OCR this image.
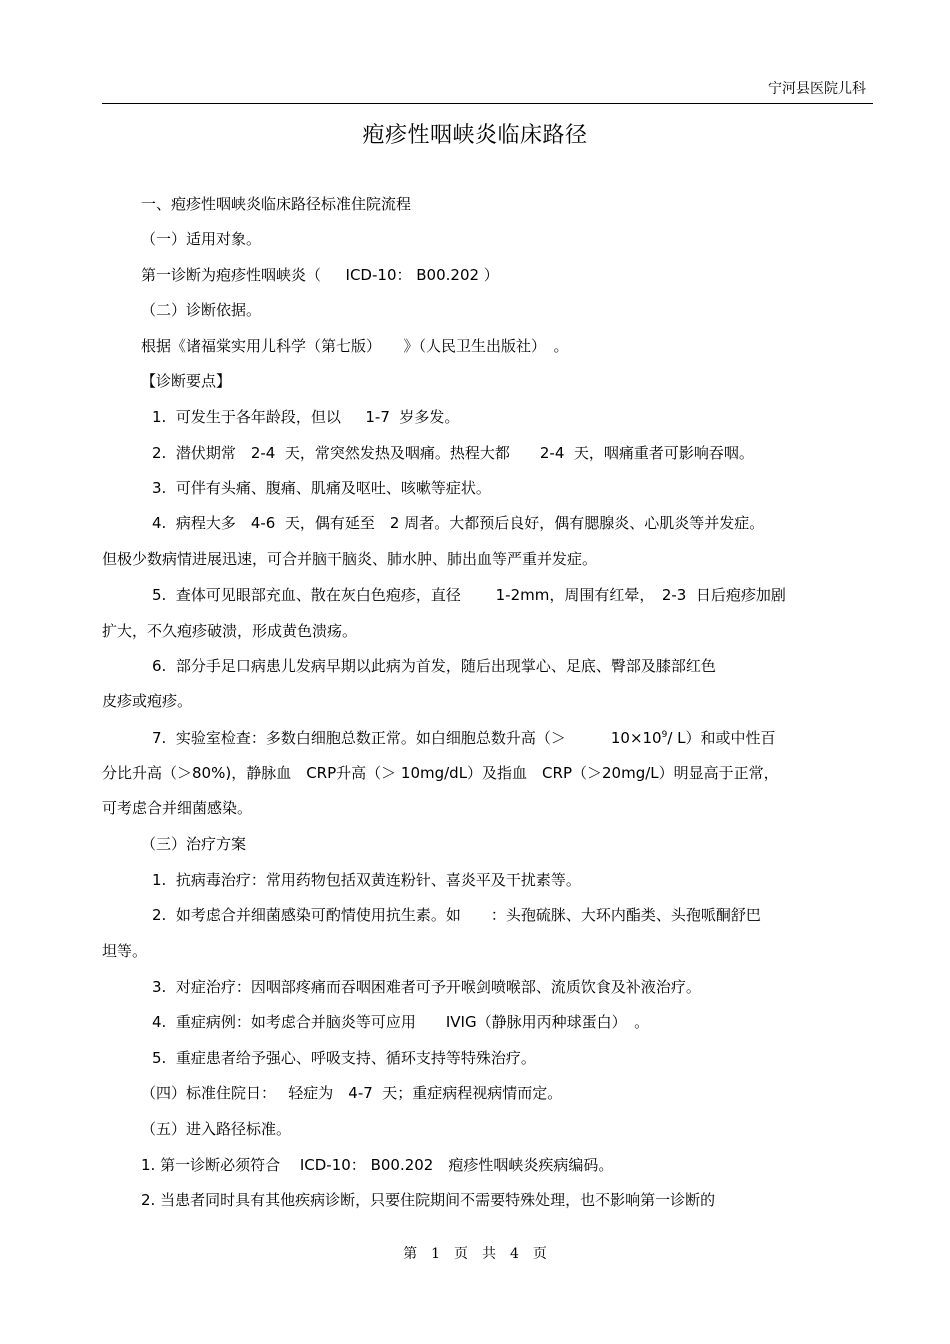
宁河县医院儿科
疱疹性咽峡炎临床路径
一、疱疹性咽峡炎临床路径标准住院流程
（一）适用对象。
第一诊断为疱疹性咽峡炎（　  ICD-10： B00.202 ）
（二）诊断依据。
根据《诸福棠实用儿科学（第七版）　　》（人民卫生出版社）　。
【诊断要点】
1.  可发生于各年龄段，但以　  1-7  岁多发。
2.  潜伏期常　2-4  天，常突然发热及咽痛。热程大都　　2-4  天，咽痛重者可影响吞咽。
3.  可伴有头痛、腹痛、肌痛及呕吐、咳嗽等症状。
4.  病程大多　4-6  天，偶有延至　2 周者。大都预后良好，偶有腮腺炎、心肌炎等并发症。
但极少数病情进展迅速，可合并脑干脑炎、肺水肿、肺出血等严重并发症。
5.  查体可见眼部充血、散在灰白色疱疹，直径　　 1-2mm，周围有红晕，　2-3  日后疱疹加剧
扩大，不久疱疹破溃，形成黄色溃疡。
6.  部分手足口病患儿发病早期以此病为首发，随后出现掌心、足底、臀部及膝部红色
皮疹或疱疹。
7.  实验室检查：多数白细胞总数正常。如白细胞总数升高（＞　　　$10\times 10^9/$ L）和或中性百
分比升高（＞80%)，静脉血　CRP升高（＞ 10mg/dL）及指血　CRP（＞20mg/L）明显高于正常，
可考虑合并细菌感染。
（三）治疗方案
1.  抗病毒治疗：常用药物包括双黄连粉针、喜炎平及干扰素等。
2.  如考虑合并细菌感染可酌情使用抗生素。如　　：头孢硫脒、大环内酯类、头孢哌酮舒巴
坦等。
3.  对症治疗：因咽部疼痛而吞咽困难者可予开喉剑喷喉部、流质饮食及补液治疗。
4.  重症病例：如考虑合并脑炎等可应用　　IVIG（静脉用丙种球蛋白）　。
5.  重症患者给予强心、呼吸支持、循环支持等特殊治疗。
（四）标准住院日：　 轻症为　4-7  天；重症病程视病情而定。
（五）进入路径标准。
1. 第一诊断必须符合　 ICD-10： B00.202　疱疹性咽峡炎疾病编码。
2. 当患者同时具有其他疾病诊断，只要住院期间不需要特殊处理，也不影响第一诊断的
第　1　页　共　4　页
